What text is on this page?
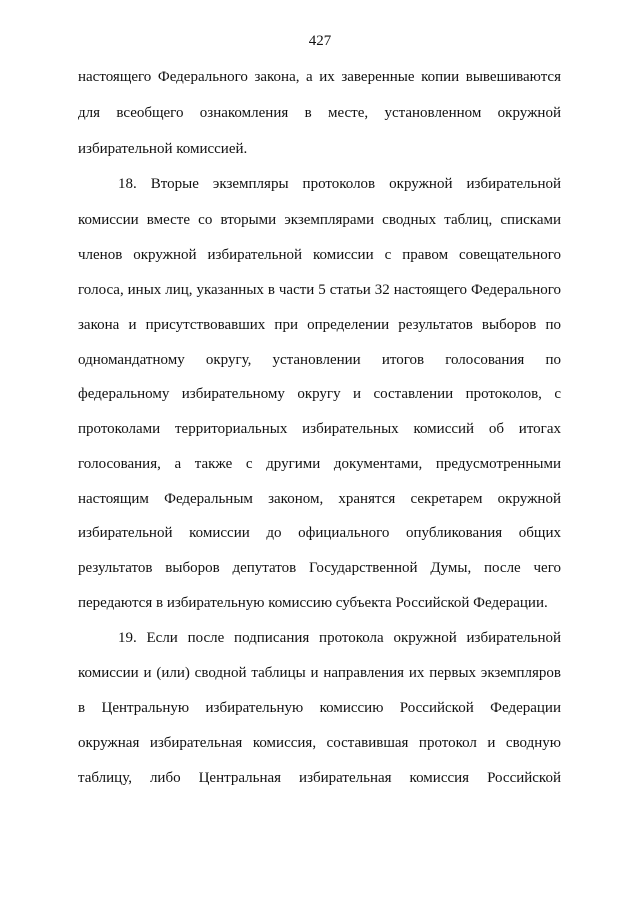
427
настоящего Федерального закона, а их заверенные копии вывешиваются
для всеобщего ознакомления в месте, установленном окружной
избирательной комиссией.
18. Вторые экземпляры протоколов окружной избирательной
комиссии вместе со вторыми экземплярами сводных таблиц, списками
членов окружной избирательной комиссии с правом совещательного
голоса, иных лиц, указанных в части 5 статьи 32 настоящего Федерального
закона и присутствовавших при определении результатов выборов по
одномандатному округу, установлении итогов голосования по
федеральному избирательному округу и составлении протоколов, с
протоколами территориальных избирательных комиссий об итогах
голосования, а также с другими документами, предусмотренными
настоящим Федеральным законом, хранятся секретарем окружной
избирательной комиссии до официального опубликования общих
результатов выборов депутатов Государственной Думы, после чего
передаются в избирательную комиссию субъекта Российской Федерации.
19. Если после подписания протокола окружной избирательной
комиссии и (или) сводной таблицы и направления их первых экземпляров
в Центральную избирательную комиссию Российской Федерации
окружная избирательная комиссия, составившая протокол и сводную
таблицу, либо Центральная избирательная комиссия Российской
